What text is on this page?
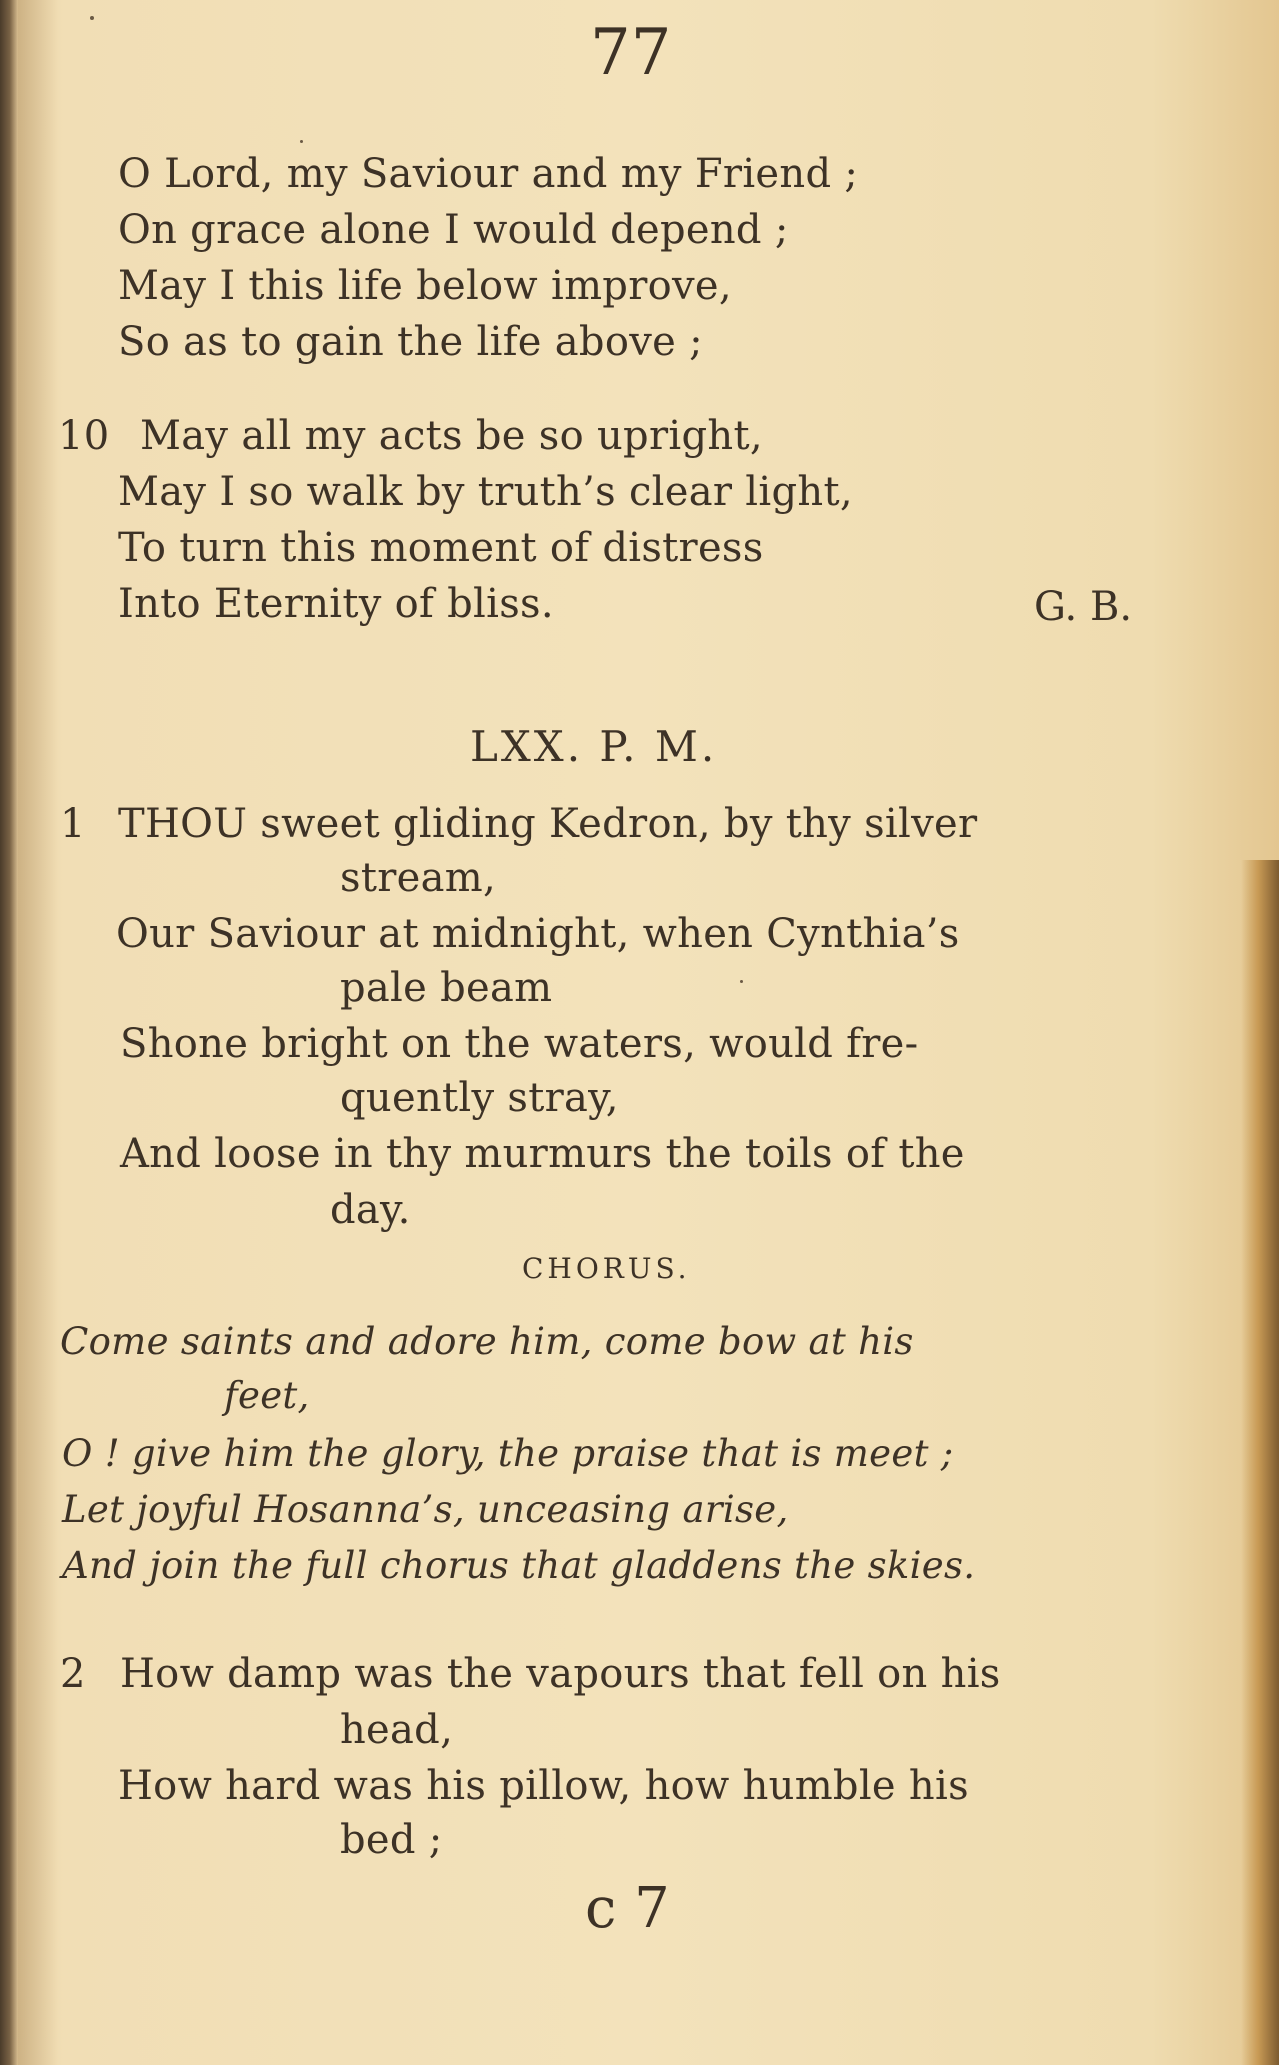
77
O Lord, my Saviour and my Friend ;
On grace alone I would depend ;
May I this life below improve,
So as to gain the life above ;
10 May all my acts be so upright,
May I so walk by truth’s clear light,
To turn this moment of distress
Into Eternity of bliss.	G. B.
LXX. P. M.
1 THOU sweet gliding Kedron, by thy silver
stream,
Our Saviour at midnight, when Cynthia’s
pale beam
Shone bright on the waters, would fre-
quently stray,
And loose in thy murmurs the toils of the
day.
CHORUS.
Come saints and adore him, come bow at his
feet,
O ! give him the glory, the praise that is meet ;
Let joyful Hosanna’s, unceasing arise,
And join the full chorus that gladdens the skies.
2 How damp was the vapours that fell on his
head,
How hard was his pillow, how humble his
bed ;
c 7
